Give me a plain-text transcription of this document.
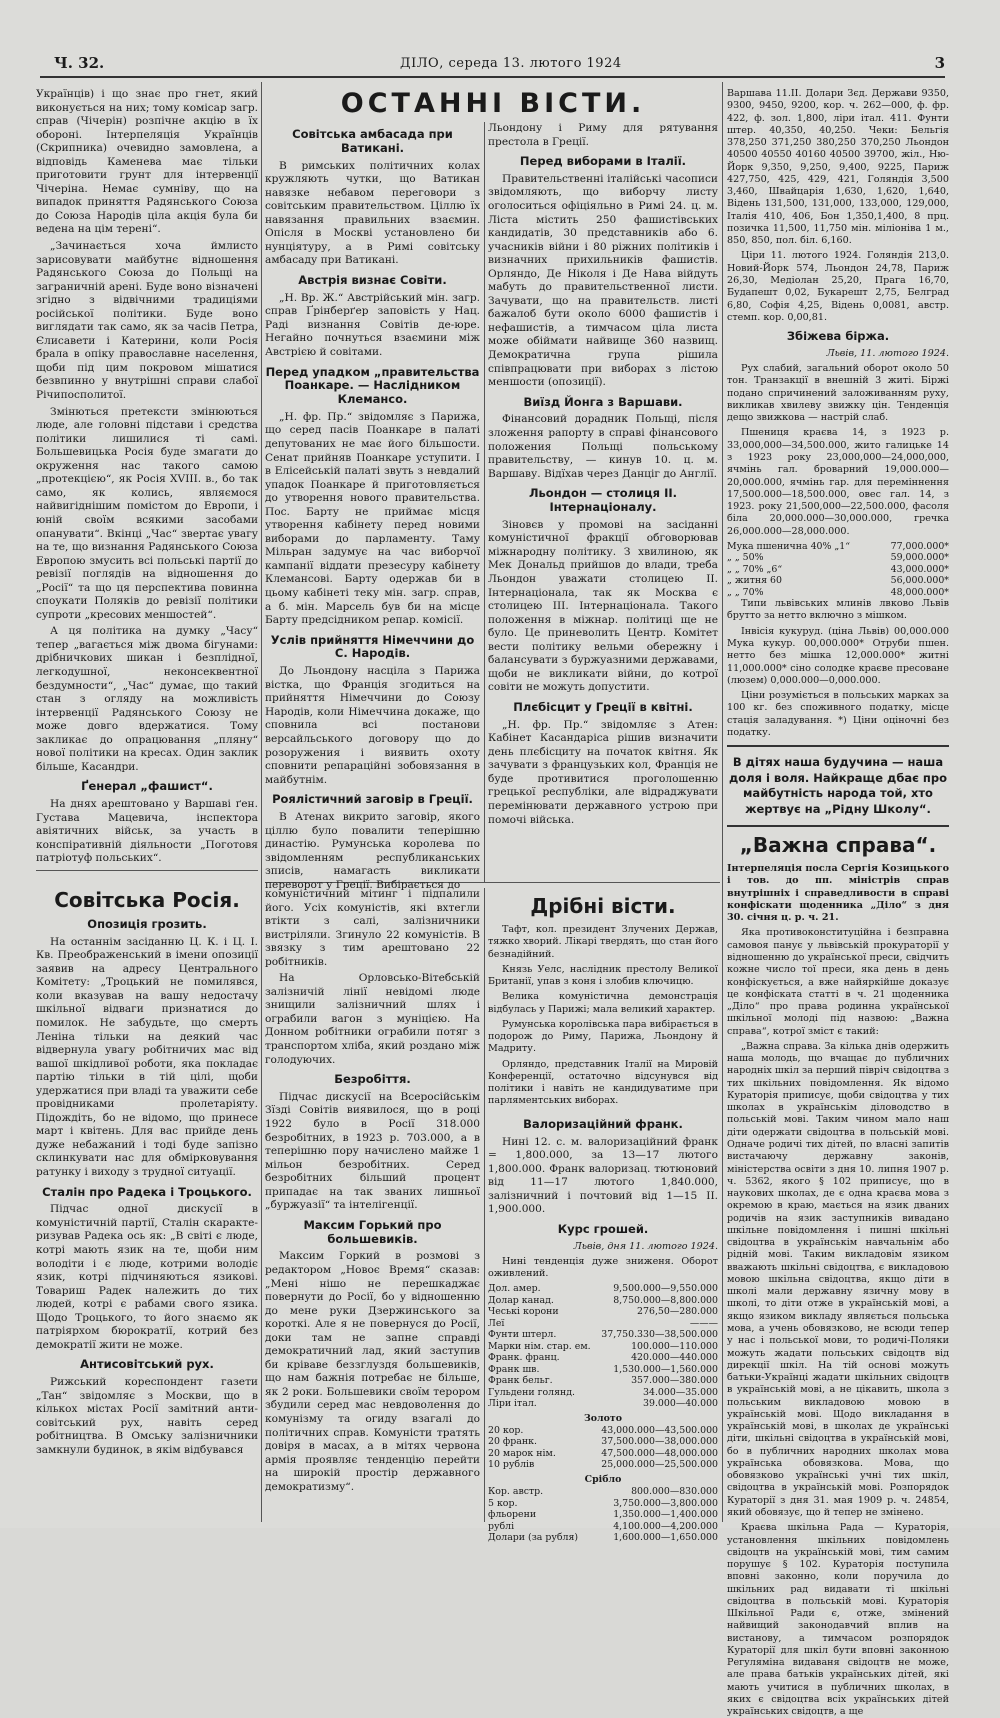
Ч. 32.	ДІЛО, середа 13. лютого 1924	3

Українців) і що знає про гнет, який виконується на них; тому комісар загр. справ (Чічерін) розпічне акцію в їх обороні. Інтерпеляція Українців (Скрипника) очевидно замовлена, а відповідь Каменева має тільки приготовити грунт для інтервенції Чічеріна. Немає сумніву, що на випадок приняття Радянського Союза до Союза Народів ціла акція була би ведена на цім терені“.

„Зачинається хоча ймлисто зарисовувати майбутнє відношення Радянського Союза до Польщі на заграничній арені. Буде воно візначені згідно з відвічними традиціями російської політики. Буде воно виглядати так само, як за часів Петра, Єлисавети і Катерини, коли Росія брала в опіку православне населення, щоби під цим покровом мішатися безвпинно у внутрішні справи слабої Річипосполитої.

Змінються претексти змінюються люде, але головні підстави і средства політики лишилися ті самі. Большевицька Росія буде змагати до окруження нас такого самою „протекцією“, як Росія XVIII. в., бо так само, як колись, являємося найвигіднішим помістом до Европи, і юній своїм всякими засобами опанувати“. Вкінці „Час“ звертає увагу на те, що визнання Радянського Союза Европою змусить всі польські партії до ревізії поглядів на відношення до „Росії“ та що ця перспектива повинна споукати Поляків до ревізії політики супроти „кресових меншостей“.

А ця політика на думку „Часу“ тепер „вагається між двома бігунами: дрібничкових шикан і безплідної, легкодушної, неконсеквентної бездумности“, „Час“ думає, що такий стан з огляду на можливість інтервенції Радянського Союзу не може довго вдержатися. Тому закликає до опрацювання „пляну“ нової політики на кресах. Один заклик більше, Касандри.

Ґенерал „фашист“.

На днях арештовано у Варшаві ґен. Густава Мацевича, інспектора авіятичних військ, за участь в конспіративній діяльности „Поготовя патріотуф польських“.

Совітська Росія.
Опозиція грозить.

На останнім засіданню Ц. К. і Ц. І. Кв. Преображенський в імени опозиції заявив на адресу Центрального Комітету: „Троцький не помилявся, коли вказував на вашу недостачу шкільної відваги признатися до помилок. Не забудьте, що смерть Леніна тільки на деякий час відвернула увагу робітничих мас від вашої шкідливої роботи, яка покладає партію тільки в тій цілі, щоби удержатися при владі та уважити себе провідниками пролетаріяту. Підождіть, бо не відомо, що принесе март і квітень. Для вас прийде день дуже небажаний і тоді буде запізно склинкувати нас для обмірковування ратунку і виходу з трудної ситуації.

Сталін про Радека і Троцького.

Підчас одної дискусії в комуністичній партії, Сталін скарактеризував Радека ось як: „В світі є люде, котрі мають язик на те, щоби ним володіти і є люде, котрими володіє язик, котрі підчиняються язикові. Товариш Радек належить до тих людей, котрі є рабами свого язика. Щодо Троцького, то його знаємо як патріярхом бюрократії, котрий без демократії жити не може.

Антисовітський рух.

Рижський кореспондент газети „Тан“ звідомляє з Москви, що в кількох містах Росії замітний антисовітський рух, навіть серед робітництва. В Омську залізничники замкнули будинок, в якім відбувався

ОСТАННІ ВІСТИ.
Совітська амбасада при Ватикані.

В римських політичних колах кружляють чутки, що Ватикан навязке небавом переговори з совітським правительством. Ціллю їх навязання правильних взаємин. Опісля в Москві установлено би нунціятуру, а в Римі совітську амбасаду при Ватикані.

Австрія визнає Совіти.

„Н. Вр. Ж.“ Австрійський мін. загр. справ Ґрінберґер заповість у Нац. Раді визнання Совітів де-юре. Негайно почнуться взаємини між Австрією й совітами.

Перед упадком „правительства Поанкаре. — Наслідником Клемансо.

„Н. фр. Пр.“ звідомляє з Парижа, що серед пасів Поанкаре в палаті депутованих не має його більшости. Сенат прийняв Поанкаре уступити. І в Елісейській палаті звуть з невдалий упадок Поанкаре й приготовляється до утворення нового правительства. Пос. Барту не приймає місця утворення кабінету перед новими виборами до парламенту. Таму Мільран задумує на час виборчої кампанії віддати презесуру кабінету Клемансові. Барту одержав би в цьому кабінеті теку мін. загр. справ, а б. мін. Марсель був би на місце Барту предсідником репар. комісії.

Услів прийняття Німеччини до С. Народів.

До Льондону насціла з Парижа вістка, що Франція згодиться на прийняття Німеччини до Союзу Народів, коли Німеччина докаже, що сповнила всі постанови версайльського договору що до розоружения і виявить охоту сповнити репараційні зобовязання в майбутнім.

Роялістичний заговір в Греції.

В Атенах викрито заговір, якого ціллю було повалити теперішню династію. Румунська королева по звідомленням республиканських зписів, намагасть викликати переворот у Греції. Вибірається до

Льондону і Риму для рятування престола в Греції.

Перед виборами в Італії.

Правительственні італійські часописи звідомляють, що виборчу листу оголоситься офіціяльно в Римі 24. ц. м. Ліста містить 250 фашистівських кандидатів, 30 представників або 6. учасників війни і 80 ріжних політиків і визначних прихильників фашистів. Орляндо, Де Ніколя і Де Нава війдуть мабуть до правительственної листи. Зачувати, що на правительств. листі бажалоб бути около 6000 фашистів і нефашистів, а тимчасом ціла листа може обіймати найвище 360 назвищ. Демократична група рішила співпрацювати при виборах з лістою меншости (опозиції).

Виїзд Йонга з Варшави.

Фінансовий дорадник Польщі, після зложення рапорту в справі фінансового положения Польщі польському правительству, — кинув 10. ц. м. Варшаву. Відїхав через Данціг до Англії.

Льондон — столиця II. Інтернаціоналу.

Зіновєв у промові на засіданні комуністичної фракції обговорював міжнародну політику. З хвилиною, як Мек Дональд прийшов до влади, треба Льондон уважати столицею II. Інтернаціонала, так як Москва є столицею III. Інтернаціонала. Такого положення в міжнар. політиці ще не було. Це приневолить Центр. Комітет вести політику вельми обережну і балансувати з буржуазними державами, щоби не викликати війни, до котрої совіти не можуть допустити.

Плєбісцит у Греції в квітні.

„Н. фр. Пр.“ звідомляє з Атен: Кабінет Касандаріса рішив визначити день плєбісциту на початок квітня. Як зачувати з французьких кол, Франція не буде противитися проголошенню грецької республіки, але відраджувати перемінювати державного устрою при помочі війська.

комуністичний мітинг і підпалили його. Усіх комуністів, які вхтегли втікти з салі, залізничники вистріляли. Згинуло 22 комуністів. В звязку з тим арештовано 22 робітників.

На Орловсько-Вітебській залізничій лінії невідомі люде знищили залізничний шлях і ограбили вагон з муніцією. На Донном робітники ограбили потяг з транспортом хліба, який роздано між голодуючих.

Безробіття.

Підчас дискусії на Всеросійськім Зїзді Совітів виявилося, що в році 1922 було в Росії 318.000 безробітних, в 1923 р. 703.000, а в теперішню пору начислено майже 1 мільон безробітних. Серед безробітних більший процент припадає на так званих лишньої „буржуазії“ та інтелігенції.

Максим Горький про большевиків.

Максим Горкий в розмові з редактором „Новоє Время“ сказав: „Мені нішо не перешкаджає повернути до Росії, бо у відношенню до мене руки Дзержинського за короткі. Але я не повернуся до Росії, доки там не запне справді демократичний лад, який заступив би кріваве беззглуздя большевиків, що нам бажнія потребає не більше, як 2 роки. Большевики своїм терором збудили серед мас невдоволення до комунізму та огиду взагалі до політичних справ. Комуністи тратять довіря в масах, а в мітях червона армія проявляє тенденцію перейти на широкій простір державного демократизму“.

Дрібні вісти.

Тафт, кол. президент Злучених Держав, тяжко хворий. Лікарі твердять, що стан його безнадійний.

Князь Уелс, наслідник престолу Великої Британії, упав з коня і злобив ключицю.

Велика комуністична демонстрація відбулась у Парижі; мала великий характер.

Румунська королівська пара вибірається в подорож до Риму, Парижа, Льондону й Мадриту.

Орляндо, представник Італії на Мировій Конференції, остаточно відсунувся від політики і навіть не кандидуватиме при парляментських виборах.

Валоризаційний франк.

Нині 12. с. м. валоризаційний франк = 1,800.000, за 13—17 лютого 1,800.000. Франк валоризац. тютюновий від 11—17 лютого 1,840.000, залізничний і почтовий від 1—15 II. 1,900.000.

Курс грошей.

Львів, дня 11. лютого 1924.

Нині тенденція дуже зниженя. Оборот оживлений.

Дол. амер.	9,500.000—9,550.000
Долар канад.	8,750.000—8,800.000
Чеські корони	276,50—280.000
Леї	———
Фунти штерл.	37,750.330—38,500.000
Марки нім. стар. ем.	100.000—110.000
Франк. франц.	420.000—440.000
Франк шв.	1,530.000—1,560.000
Франк бельг.	357.000—380.000
Гульдени голянд.	34.000—35.000
Ліри італ.	39.000—40.000
Золото
20 кор.	43,000.000—43,500.000
20 франк.	37,500.000—38,000.000
20 марок нім.	47,500.000—48,000.000
10 рублів	25,000.000—25,500.000
Срібло
Кор. австр.	800.000—830.000
5 кор.	3,750.000—3,800.000
фльорени	1,350.000—1,400.000
рублі	4,100.000—4,200.000
Долари (за рубля)	1,600.000—1,650.000

Варшава 11.II. Долари Зєд. Держави 9350, 9300, 9450, 9200, кор. ч. 262—000, ф. фр. 422, ф. зол. 1,800, ліри італ. 411. Фунти штер. 40,350, 40,250. Чеки: Бельгія 378,250 371,250 380,250 370,250 Льондон 40500 40550 40160 40500 39700, жіл., Ню-Йорк 9,350, 9,250, 9,400, 9225, Париж 427,750, 425, 429, 421, Голяндія 3,500 3,460, Швайцарія 1,630, 1,620, 1,640, Відень 131,500, 131,000, 133,000, 129,000, Італія 410, 406, Бон 1,350,1,400, 8 прц. позичка 11,500, 11,750 мін. міліоніва 1 м., 850, 850, пол. біл. 6,160.

Ціри 11. лютого 1924. Голяндія 213,0. Новий-Йорк 574, Льондон 24,78, Париж 26,30, Медіолан 25,20, Прага 16,70, Будапешт 0,02, Букарешт 2,75, Белград 6,80, Софія 4,25, Відень 0,0081, австр. стемп. кор. 0,00,81.

Збіжева біржа.

Львів, 11. лютого 1924.

Рух слабий, загальний оборот около 50 тон. Транзакції в внешній 3 житі. Біржі подано спричинений заложиванням руху, викликав хвилеву звижку цін. Тенденція дещо звижкова — настрій слаб.

Пшениця краєва 14, з 1923 р. 33,000,000—34,500.000, жито галицьке 14 з 1923 року 23,000,000—24,000,000, ячмінь гал. броварний 19,000.000—20,000.000, ячмінь гар. для переміннення 17,500.000—18,500.000, овес гал. 14, з 1923. року 21,500,000—22,500.000, фасоля біла 20,000.000—30,000.000, гречка 26,000.000—28,000.000.

Мука пшенична 40% „1“	77,000.000*
„ „ 50%	59,000.000*
„ „ 70% „6“	43,000.000*
„ житня 60	56,000.000*
„ „ 70%	48,000.000*

Типи львівських млинів лвково Львів брутто за нетто включно з мішком.

Інвісія кукуруд. (ціна Львів) 00,000.000 Мука кукур. 00,000.000* Отруби пшен. нетто без мішка 12,000.000* житні 11,000.000* сіно солодке краєве пресоване (люзем) 0,000.000—0,000.000.

Ціни розуміється в польських марках за 100 кг. без споживного податку, місце стація заладування. *) Ціни оціночні без податку.

В дітях наша будучина — наша доля і воля. Найкраще дбає про майбутність народа той, хто жертвує на „Рідну Школу“.
„Важна справа“.

Інтерпеляція посла Сергія Козицького і тов. до пп. міністрів справ внутрішніх і справедливости в справі конфіскати щоденника „Діло“ з дня 30. січня ц. р. ч. 21.

Яка противоконституційна і безправна самовоя панує у львівській прокураторії у відношенню до української преси, свідчить кожне число тої преси, яка день в день конфіскується, а вже найяркійше доказує це конфіската статті в ч. 21 щоденника „Діло“ про права родинна української шкільної молоді під назвою: „Важна справа“, котрої зміст є такий:

„Важна справа. За кілька днів одержить наша молодь, що вчащає до публичних народніх шкіл за перший півріч свідоцтва з тих шкільних повідомлення. Як відомо Кураторія приписує, щоби свідоцтва у тих школах в українськім діловодство в польській мові. Таким чином мало наш діти одержати свідоцтва в польській мові. Одначе родичі тих дітей, по власні запитів вистачаючу державну законів, міністерства освіти з дня 10. липня 1907 р. ч. 5362, якого § 102 приписує, що в наукових школах, де є одна краєва мова з окремою в краю, мається на язик дваних родичів на язик заступників вивадано шкільне повідомлення і пишні шкільні свідоцтва в українськім навчальнім або рідній мові. Таким викладовім язиком вважають шкільні свідоцтва, є викладовою мовою шкільна свідоцтва, якщо діти в школі мали державну язичну мову в школі, то діти отже в українській мові, а якщо язиком викладу являється польська мова, а учень обовязково, не всюди тепер у нас і польської мови, то родичі-Поляки можуть жадати польських свідоцтв від дирекції шкіл. На тій основі можуть батьки-Українці жадати шкільних свідоцтв в українській мові, а не цікавить, школа з польським викладовою мовою в українській мові. Щодо викладання в українській мові, в школах де українські діти, шкільні свідоцтва в українській мові, бо в публичних народних школах мова українська обовязкова. Мова, що обовязково українські учні тих шкіл, свідоцтва в українській мові. Розпорядок Кураторії з дня 31. мая 1909 р. ч. 24854, який обовязує, що й тепер не змінено.

Краєва шкільна Рада — Кураторія, установлення шкільних повідомлень свідоцтв на українській мові, тим самим порушує § 102. Кураторія поступила вповні законно, коли поручила до шкільних рад видавати ті шкільні свідоцтва в польській мові. Кураторія Шкільної Ради є, отже, змінений найвищий законодавчий вплив на вистанову, а тимчасом розпорядок Кураторії для шкіл бути вповні законною Регуляміна видаваня свідоцтв не може, але права батьків українських дітей, які мають учитися в публичних школах, в яких є свідоцтва всіх українських дітей українських свідоцтв, а ще
